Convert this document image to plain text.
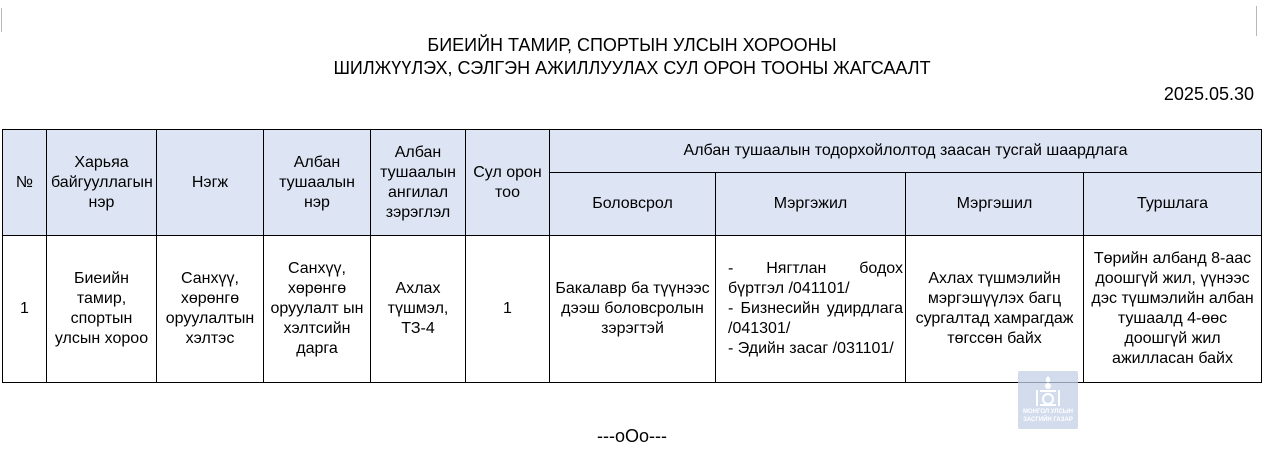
БИЕИЙН ТАМИР, СПОРТЫН УЛСЫН ХОРООНЫ
ШИЛЖҮҮЛЭХ, СЭЛГЭН АЖИЛЛУУЛАХ СУЛ ОРОН ТООНЫ ЖАГСААЛТ
2025.05.30
№	Харьяа байгууллагын нэр	Нэгж	Албан тушаалын нэр	Албан тушаалын ангилал зэрэглэл	Сул орон тоо	Албан тушаалын тодорхойлолтод заасан тусгай шаардлага			
						Боловсрол	Мэргэжил	Мэргэшил	Туршлага
1	Биеийн тамир, спортын улсын хороо	Санхүү, хөрөнгө оруулалтын хэлтэс	Санхүү, хөрөнгө оруулалт ын хэлтсийн дарга	Ахлах түшмэл, ТЗ-4	1	Бакалавр ба түүнээс дээш боловсролын зэрэгтэй	- Нягтлан бодох бүртгэл /041101/
- Бизнесийн удирдлага /041301/
- Эдийн засаг /031101/	Ахлах түшмэлийн мэргэшүүлэх багц сургалтад хамрагдаж төгссөн байх	Төрийн албанд 8-аас доошгүй жил, үүнээс дэс түшмэлийн албан тушаалд 4-өөс доошгүй жил ажилласан байх
МОНГОЛ УЛСЫН
ЗАСГИЙН ГАЗАР
---oOo---
